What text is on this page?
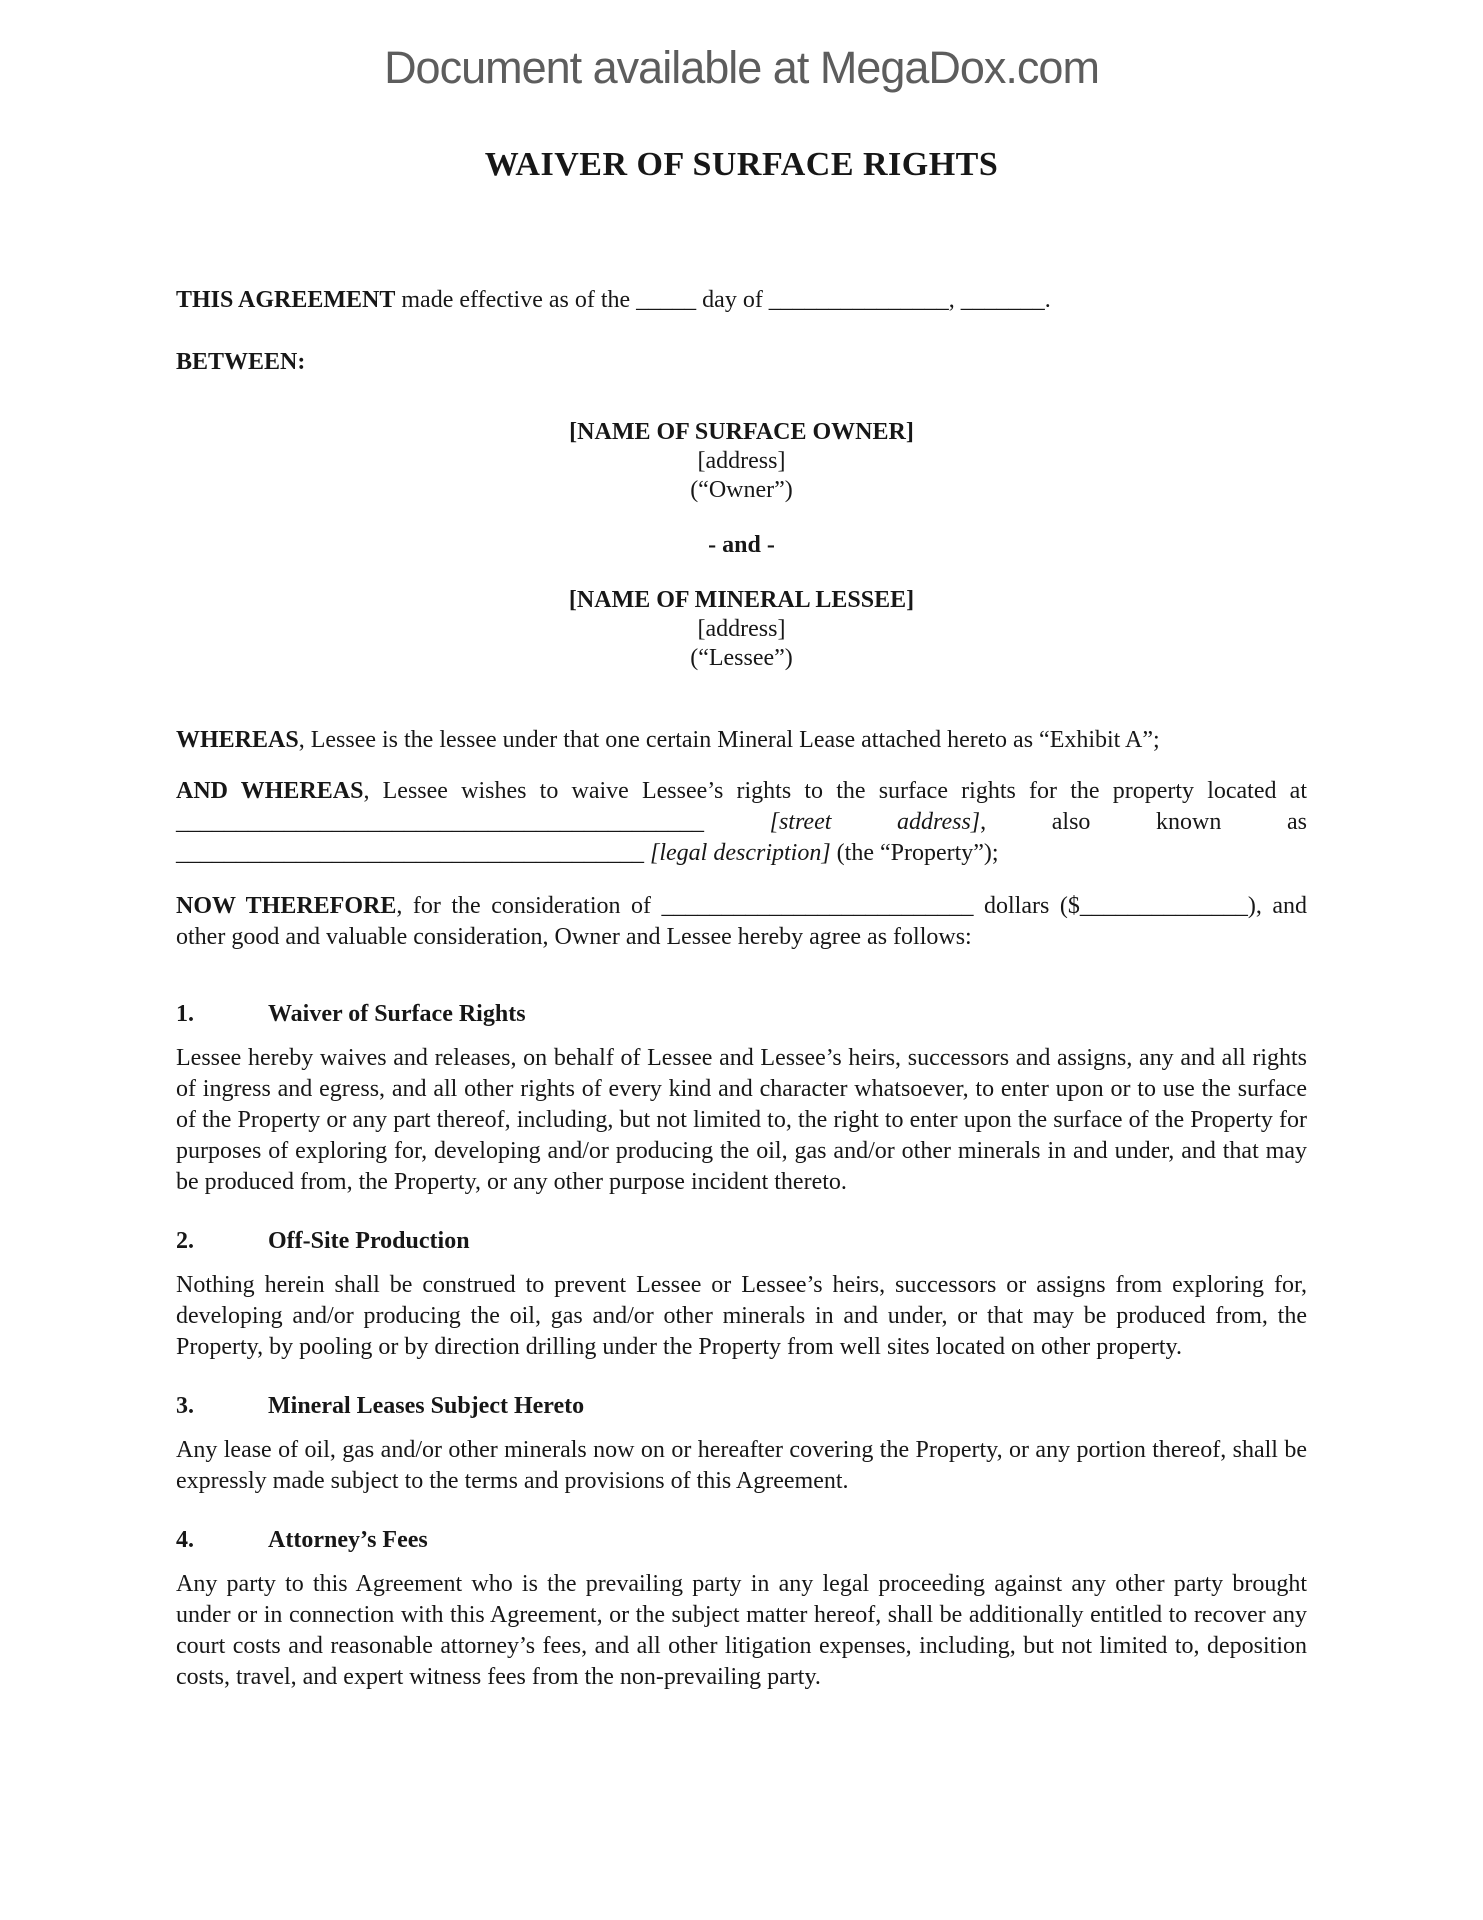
Document available at MegaDox.com
WAIVER OF SURFACE RIGHTS

THIS AGREEMENT made effective as of the _____ day of _______________, _______.

BETWEEN:

[NAME OF SURFACE OWNER]
[address]
(“Owner”)
- and -
[NAME OF MINERAL LESSEE]
[address]
(“Lessee”)

WHEREAS, Lessee is the lessee under that one certain Mineral Lease attached hereto as “Exhibit A”;

AND WHEREAS, Lessee wishes to waive Lessee’s rights to the surface rights for the property located at ____________________________________________ [street address], also known as _______________________________________ [legal description] (the “Property”);

NOW THEREFORE, for the consideration of __________________________ dollars ($______________), and other good and valuable consideration, Owner and Lessee hereby agree as follows:

1.	Waiver of Surface Rights

Lessee hereby waives and releases, on behalf of Lessee and Lessee’s heirs, successors and assigns, any and all rights of ingress and egress, and all other rights of every kind and character whatsoever, to enter upon or to use the surface of the Property or any part thereof, including, but not limited to, the right to enter upon the surface of the Property for purposes of exploring for, developing and/or producing the oil, gas and/or other minerals in and under, and that may be produced from, the Property, or any other purpose incident thereto.

2.	Off-Site Production

Nothing herein shall be construed to prevent Lessee or Lessee’s heirs, successors or assigns from exploring for, developing and/or producing the oil, gas and/or other minerals in and under, or that may be produced from, the Property, by pooling or by direction drilling under the Property from well sites located on other property.

3.	Mineral Leases Subject Hereto

Any lease of oil, gas and/or other minerals now on or hereafter covering the Property, or any portion thereof, shall be expressly made subject to the terms and provisions of this Agreement.

4.	Attorney’s Fees

Any party to this Agreement who is the prevailing party in any legal proceeding against any other party brought under or in connection with this Agreement, or the subject matter hereof, shall be additionally entitled to recover any court costs and reasonable attorney’s fees, and all other litigation expenses, including, but not limited to, deposition costs, travel, and expert witness fees from the non-prevailing party.
